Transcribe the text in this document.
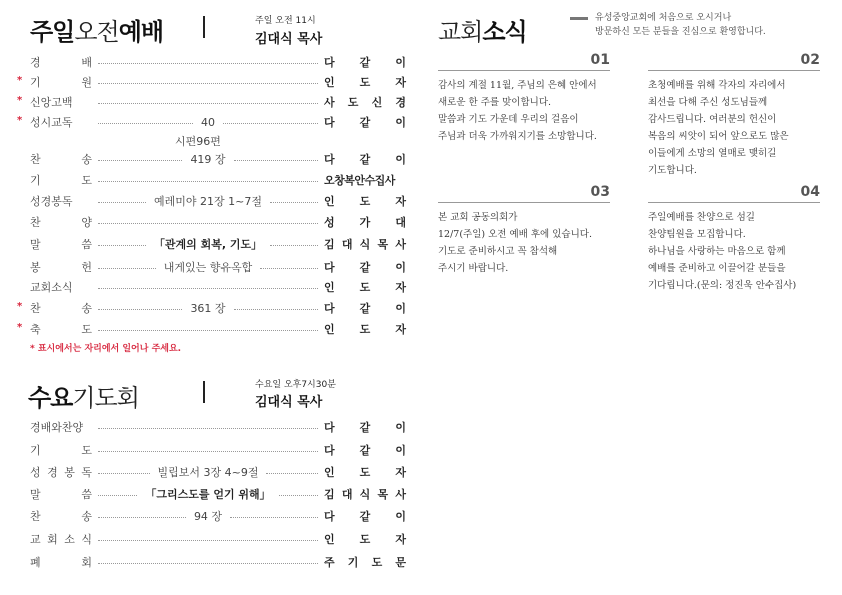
주일오전예배	주일 오전 11시
김대식 목사
경	배	다 같 이
* 기	원	인 도 자
* 신앙고백	사 도 신 경
* 성시교독	40	다 같 이
찬	송	419 장	다 같 이
기	도	오창복안수집사
성경봉독	예레미야 21장 1~7절	인 도 자
찬	양	성 가 대
말	씀	「관계의 회복, 기도」	김 대 식 목 사
봉	헌	내게있는 향유옥합	다 같 이
교회소식	인 도 자
* 찬	송	361 장	다 같 이
* 축	도	인 도 자
시편96편
* 표시에서는 자리에서 일어나 주세요.
수요기도회	수요일 오후7시30분
김대식 목사
경배와찬양	다 같 이
기	도	다 같 이
성 경 봉 독	빌립보서 3장 4~9절	인 도 자
말	씀	「그리스도를 얻기 위해」	김 대 식 목 사
찬	송	94 장	다 같 이
교 회 소 식	인 도 자
폐	회	주 기 도 문
교회소식	유성중앙교회에 처음으로 오시거나
방문하신 모든 분들을 진심으로 환영합니다.
01
감사의 계절 11월, 주님의 은혜 안에서
새로운 한 주를 맞이합니다.
말씀과 기도 가운데 우리의 걸음이
주님과 더욱 가까워지기를 소망합니다.
02
초청예배를 위해 각자의 자리에서
최선을 다해 주신 성도님들께
감사드립니다. 여러분의 헌신이
복음의 씨앗이 되어 앞으로도 많은
이들에게 소망의 열매로 맺히길
기도합니다.
03
본 교회 공동의회가
12/7(주일) 오전 예배 후에 있습니다.
기도로 준비하시고 꼭 참석해
주시기 바랍니다.
04
주일예배를 찬양으로 섬길
찬양팀원을 모집합니다.
하나님을 사랑하는 마음으로 함께
예배를 준비하고 이끌어갈 분들을
기다립니다.(문의: 정진욱 안수집사)
